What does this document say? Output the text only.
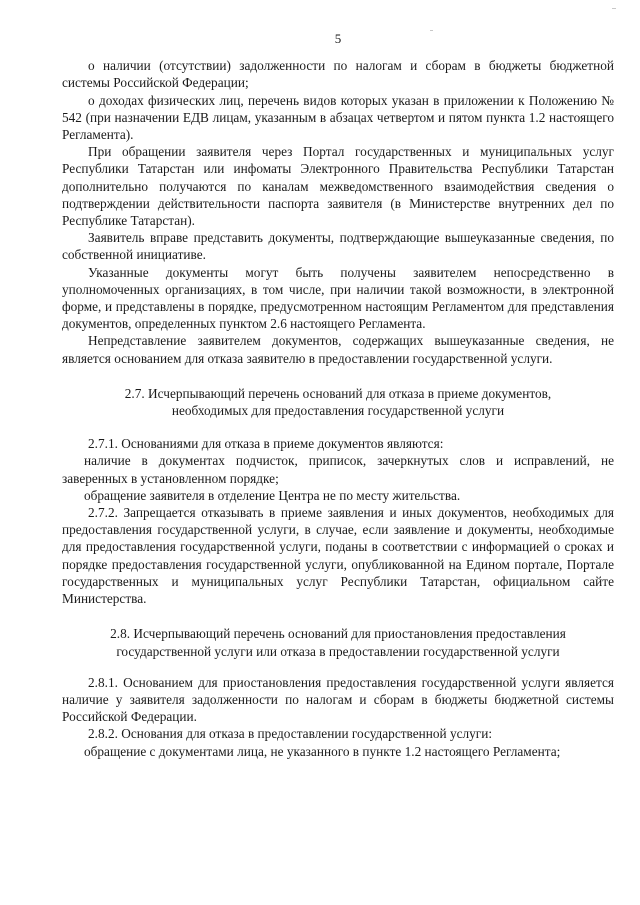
5

о наличии (отсутствии) задолженности по налогам и сборам в бюджеты бюджетной системы Российской Федерации;

о доходах физических лиц, перечень видов которых указан в приложении к Положению № 542 (при назначении ЕДВ лицам, указанным в абзацах четвертом и пятом пункта 1.2 настоящего Регламента).

При обращении заявителя через Портал государственных и муниципальных услуг Республики Татарстан или инфоматы Электронного Правительства Республики Татарстан дополнительно получаются по каналам межведомственного взаимодействия сведения о подтверждении действительности паспорта заявителя (в Министерстве внутренних дел по Республике Татарстан).

Заявитель вправе представить документы, подтверждающие вышеуказанные сведения, по собственной инициативе.

Указанные документы могут быть получены заявителем непосредственно в уполномоченных организациях, в том числе, при наличии такой возможности, в электронной форме, и представлены в порядке, предусмотренном настоящим Регламентом для представления документов, определенных пунктом 2.6 настоящего Регламента.

Непредставление заявителем документов, содержащих вышеуказанные сведения, не является основанием для отказа заявителю в предоставлении государственной услуги.

2.7. Исчерпывающий перечень оснований для отказа в приеме документов, необходимых для предоставления государственной услуги

2.7.1. Основаниями для отказа в приеме документов являются:

наличие в документах подчисток, приписок, зачеркнутых слов и исправлений, не заверенных в установленном порядке;

обращение заявителя в отделение Центра не по месту жительства.

2.7.2. Запрещается отказывать в приеме заявления и иных документов, необходимых для предоставления государственной услуги, в случае, если заявление и документы, необходимые для предоставления государственной услуги, поданы в соответствии с информацией о сроках и порядке предоставления государственной услуги, опубликованной на Едином портале, Портале государственных и муниципальных услуг Республики Татарстан, официальном сайте Министерства.

2.8. Исчерпывающий перечень оснований для приостановления предоставления государственной услуги или отказа в предоставлении государственной услуги

2.8.1. Основанием для приостановления предоставления государственной услуги является наличие у заявителя задолженности по налогам и сборам в бюджеты бюджетной системы Российской Федерации.

2.8.2. Основания для отказа в предоставлении государственной услуги:

обращение с документами лица, не указанного в пункте 1.2 настоящего Регламента;
